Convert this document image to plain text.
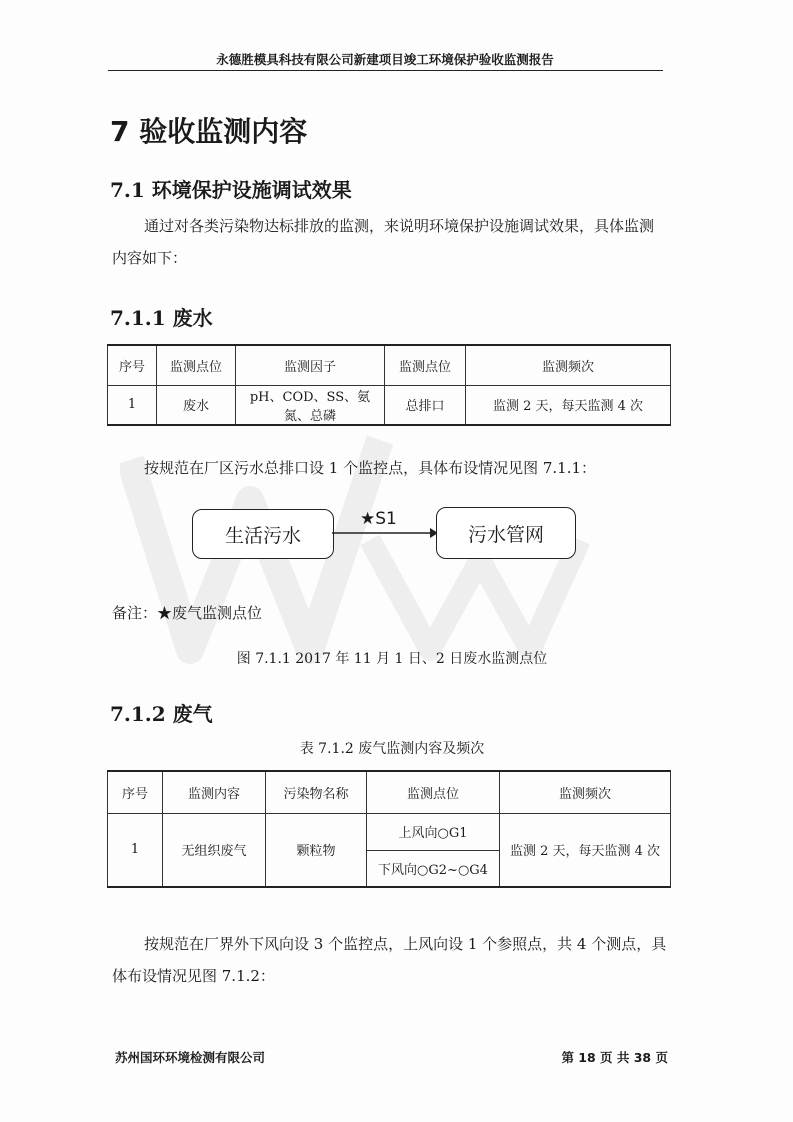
永德胜模具科技有限公司新建项目竣工环境保护验收监测报告
7 验收监测内容
7.1 环境保护设施调试效果
通过对各类污染物达标排放的监测，来说明环境保护设施调试效果，具体监测内容如下：
7.1.1 废水
序号	监测点位	监测因子	监测点位	监测频次
1	废水	pH、COD、SS、氨氮、总磷	总排口	监测 2 天，每天监测 4 次
按规范在厂区污水总排口设 1 个监控点，具体布设情况见图 7.1.1：
生活污水
★S1
污水管网
备注：★废气监测点位
图 7.1.1 2017 年 11 月 1 日、2 日废水监测点位
7.1.2 废气
表 7.1.2 废气监测内容及频次
序号	监测内容	污染物名称	监测点位	监测频次
1	无组织废气	颗粒物	上风向○G1	监测 2 天，每天监测 4 次
			下风向○G2~○G4	
按规范在厂界外下风向设 3 个监控点，上风向设 1 个参照点，共 4 个测点，具体布设情况见图 7.1.2：
苏州国环环境检测有限公司	第 18 页 共 38 页
